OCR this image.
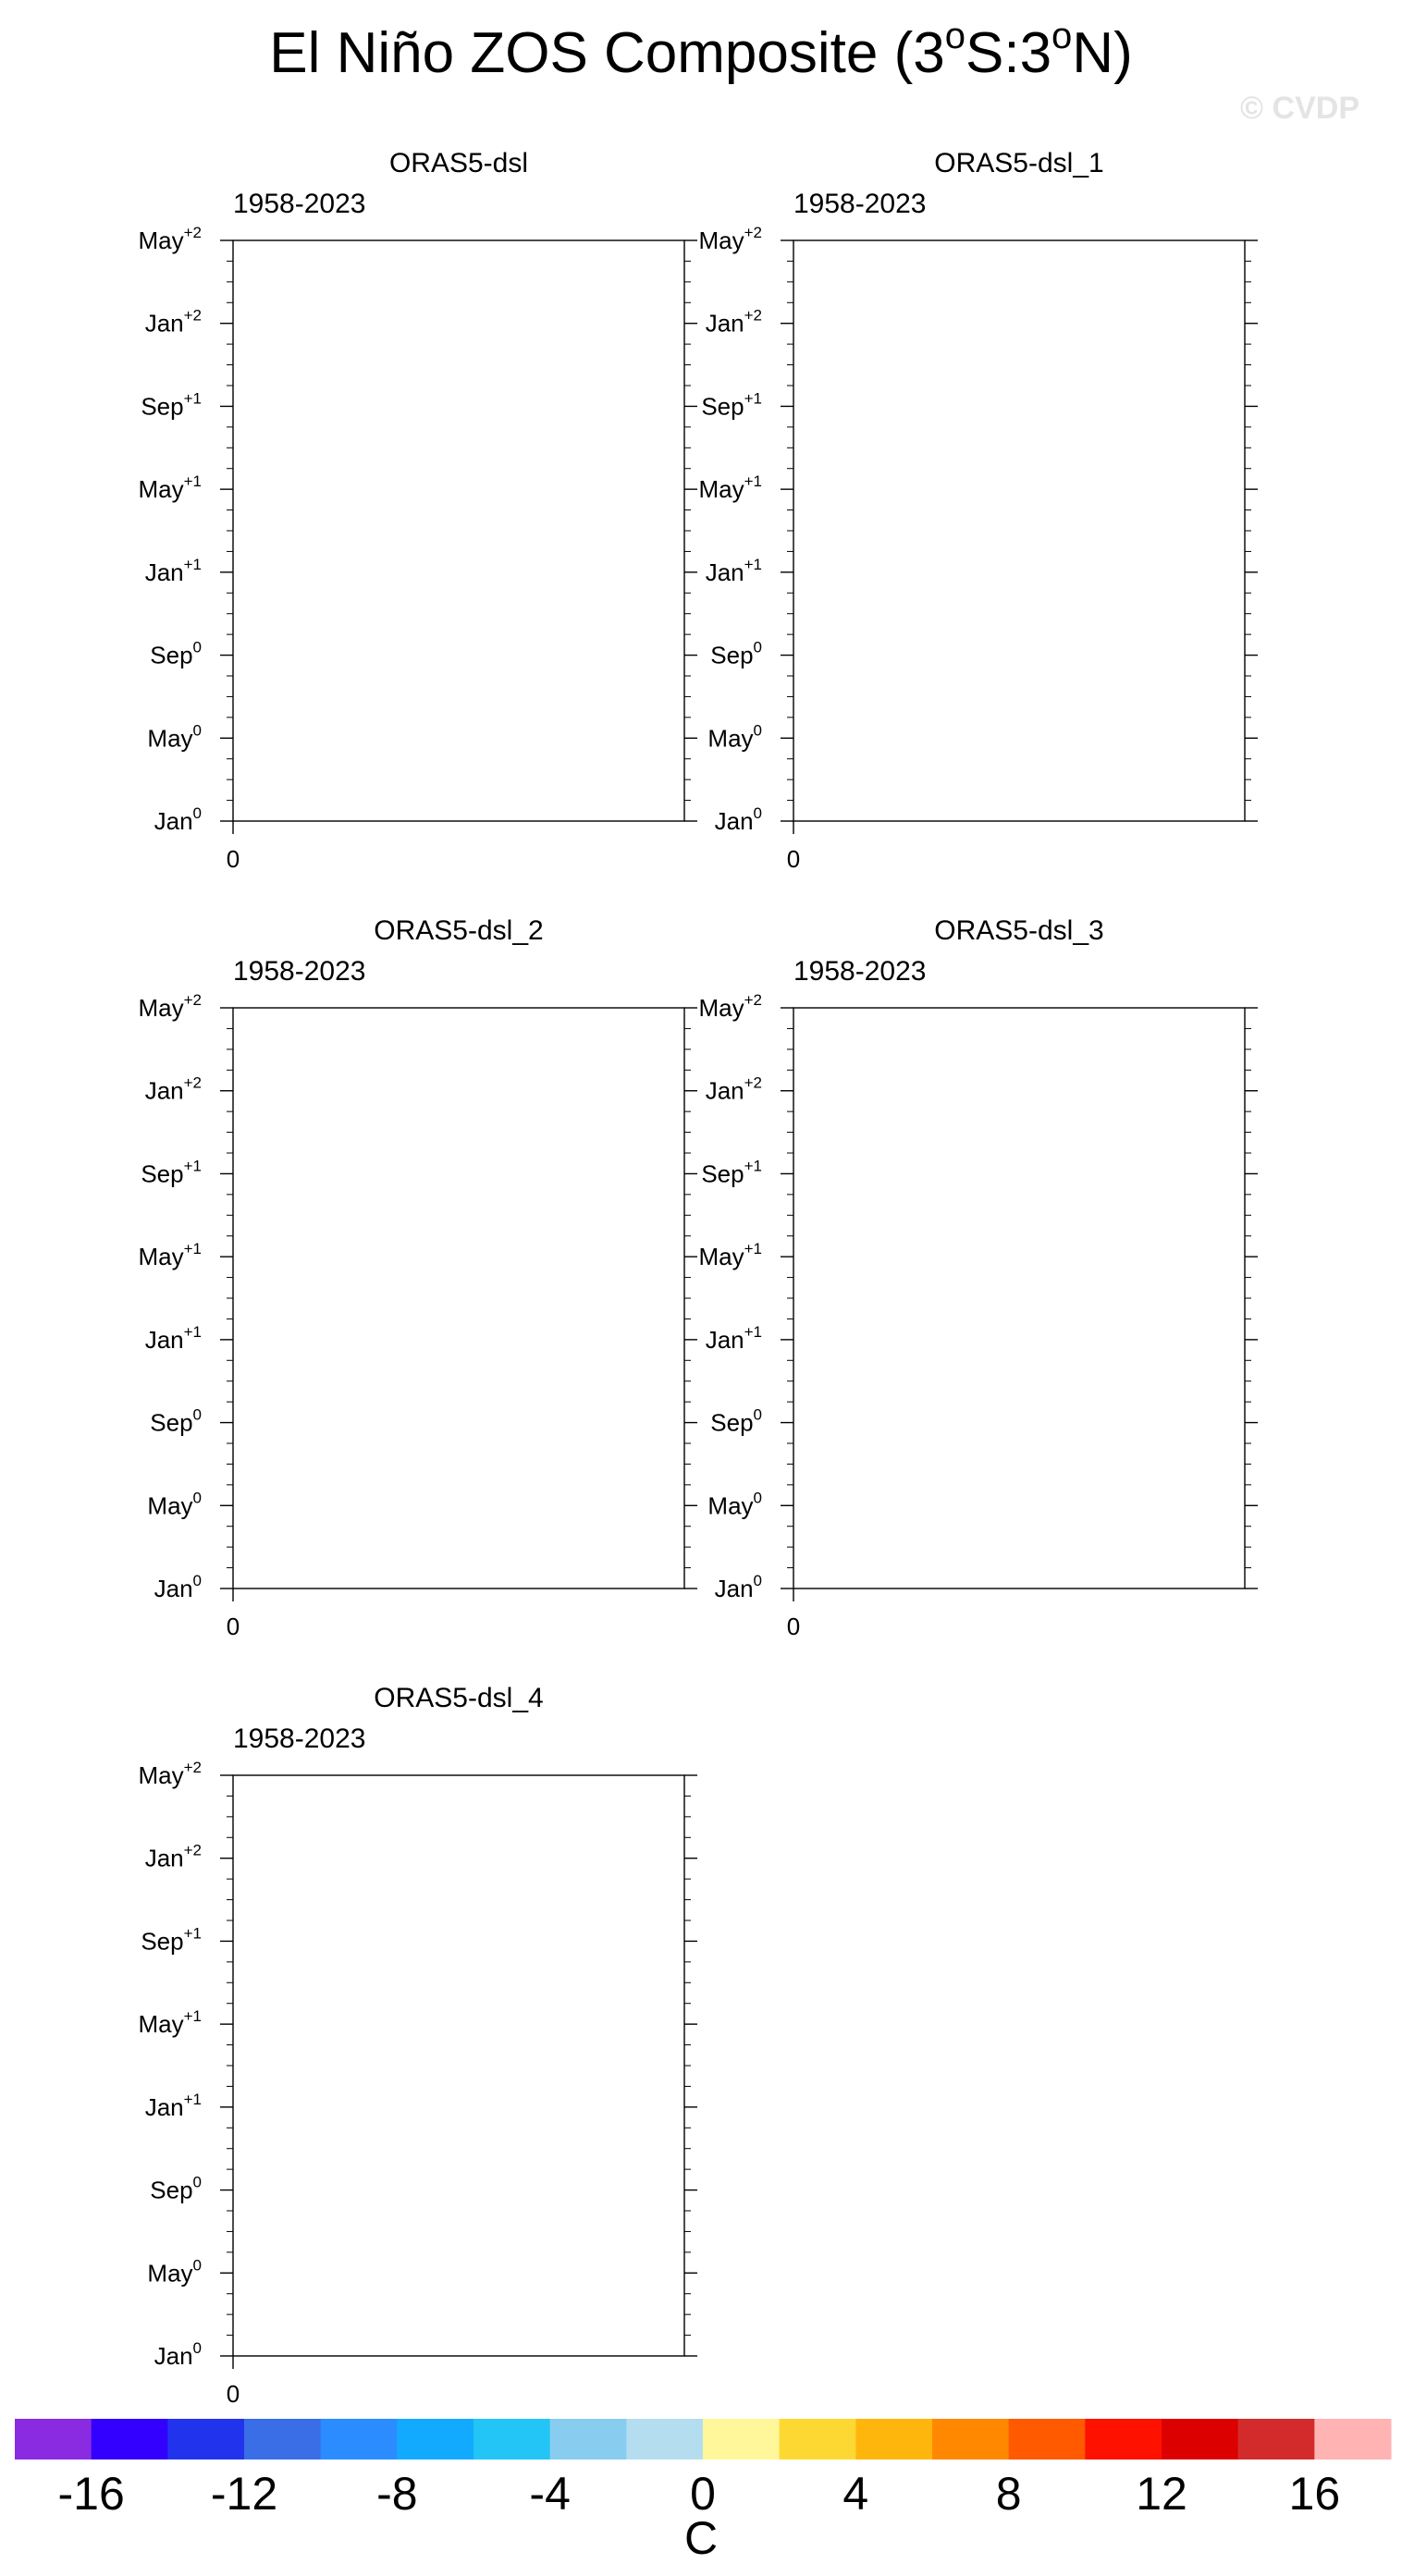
El Niño ZOS Composite (3$^o$S:3$^o$N)
© CVDP
ORAS5-dsl
1958-2023
Jan$^0$
May$^0$
Sep$^0$
Jan$^{+1}$
May$^{+1}$
Sep$^{+1}$
Jan$^{+2}$
May$^{+2}$
0
ORAS5-dsl_1
1958-2023
Jan$^0$
May$^0$
Sep$^0$
Jan$^{+1}$
May$^{+1}$
Sep$^{+1}$
Jan$^{+2}$
May$^{+2}$
0
ORAS5-dsl_2
1958-2023
Jan$^0$
May$^0$
Sep$^0$
Jan$^{+1}$
May$^{+1}$
Sep$^{+1}$
Jan$^{+2}$
May$^{+2}$
0
ORAS5-dsl_3
1958-2023
Jan$^0$
May$^0$
Sep$^0$
Jan$^{+1}$
May$^{+1}$
Sep$^{+1}$
Jan$^{+2}$
May$^{+2}$
0
ORAS5-dsl_4
1958-2023
Jan$^0$
May$^0$
Sep$^0$
Jan$^{+1}$
May$^{+1}$
Sep$^{+1}$
Jan$^{+2}$
May$^{+2}$
0
-16 -12 -8 -4	0	4	8 12 16
C
